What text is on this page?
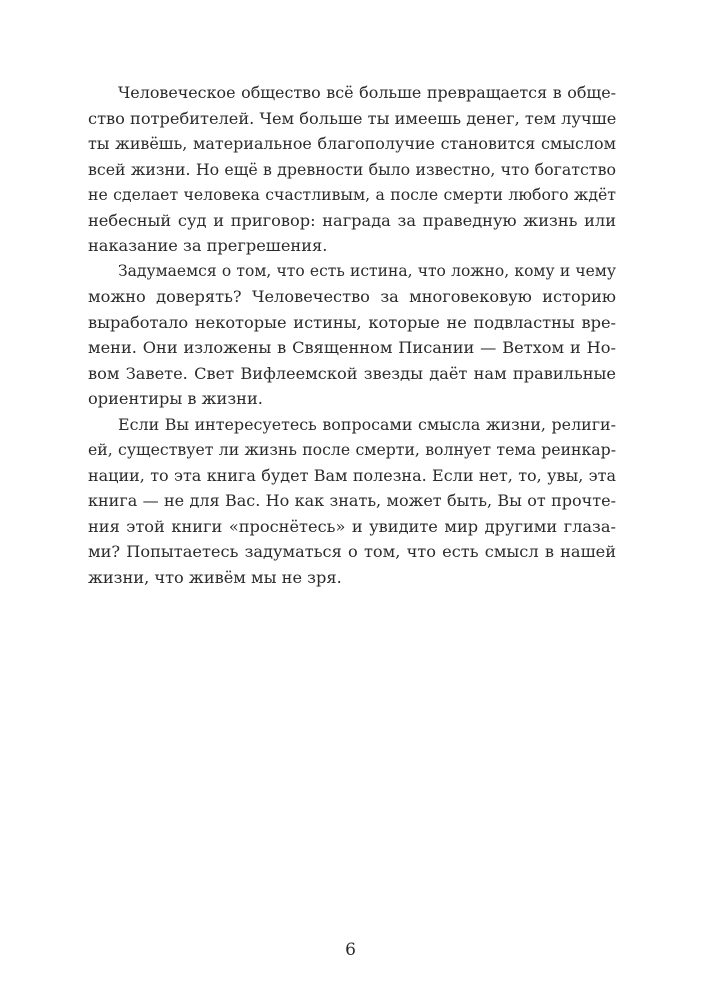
Человеческое общество всё больше превращается в обще-
ство потребителей. Чем больше ты имеешь денег, тем лучше
ты живёшь, материальное благополучие становится смыслом
всей жизни. Но ещё в древности было известно, что богатство
не сделает человека счастливым, а после смерти любого ждёт
небесный суд и приговор: награда за праведную жизнь или
наказание за прегрешения.
Задумаемся о том, что есть истина, что ложно, кому и чему
можно доверять? Человечество за многовековую историю
выработало некоторые истины, которые не подвластны вре-
мени. Они изложены в Священном Писании — Ветхом и Но-
вом Завете. Свет Вифлеемской звезды даёт нам правильные
ориентиры в жизни.
Если Вы интересуетесь вопросами смысла жизни, религи-
ей, существует ли жизнь после смерти, волнует тема реинкар-
нации, то эта книга будет Вам полезна. Если нет, то, увы, эта
книга — не для Вас. Но как знать, может быть, Вы от прочте-
ния этой книги «проснётесь» и увидите мир другими глаза-
ми? Попытаетесь задуматься о том, что есть смысл в нашей
жизни, что живём мы не зря.
6
